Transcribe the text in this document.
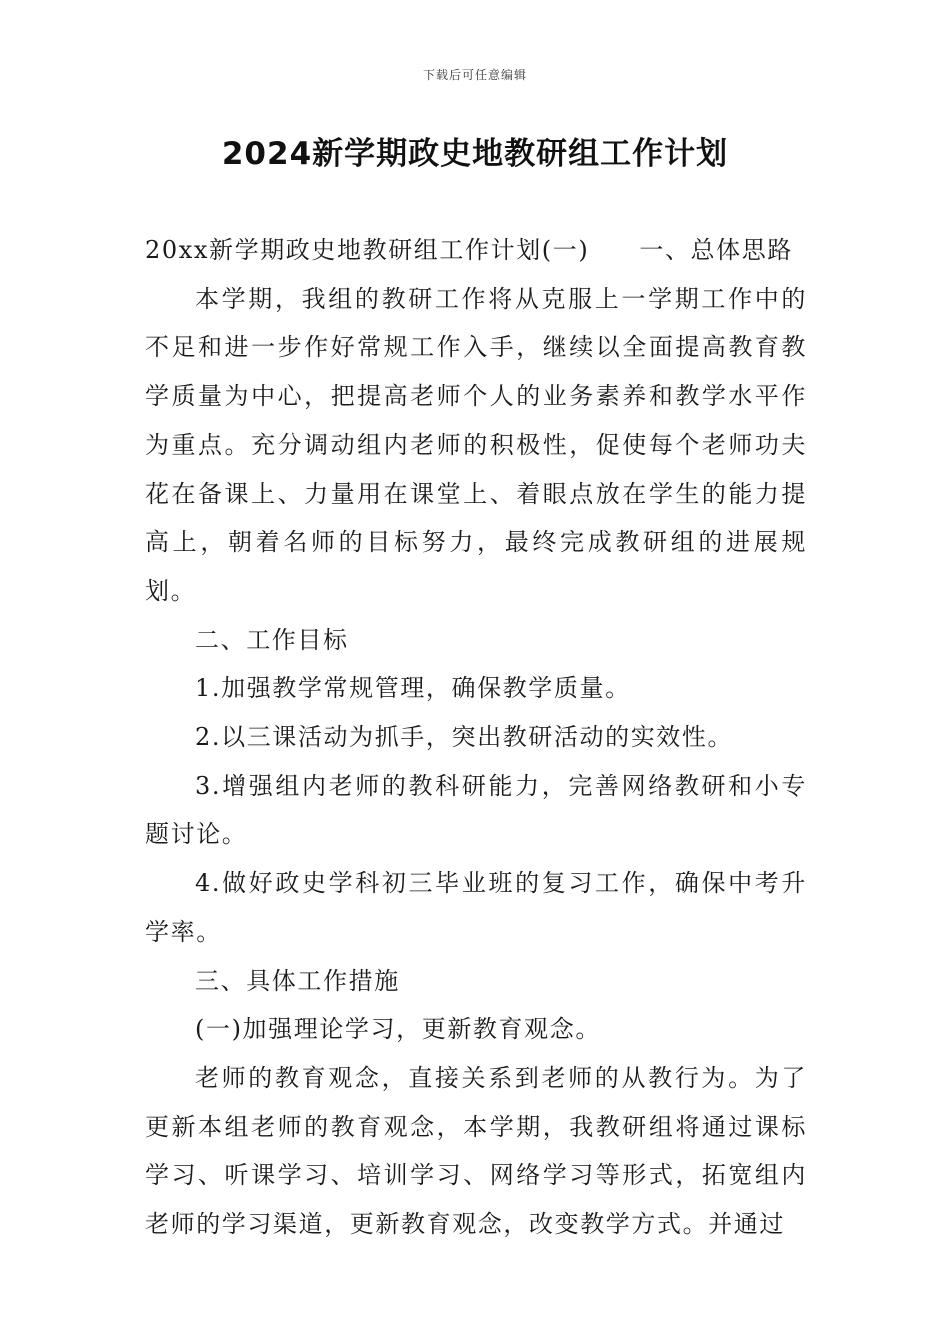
下载后可任意编辑
2024新学期政史地教研组工作计划

20xx新学期政史地教研组工作计划(一) 一、总体思路

本学期，我组的教研工作将从克服上一学期工作中的不足和进一步作好常规工作入手，继续以全面提高教育教学质量为中心，把提高老师个人的业务素养和教学水平作为重点。充分调动组内老师的积极性，促使每个老师功夫花在备课上、力量用在课堂上、着眼点放在学生的能力提高上，朝着名师的目标努力，最终完成教研组的进展规划。

二、工作目标

1.加强教学常规管理，确保教学质量。

2.以三课活动为抓手，突出教研活动的实效性。

3.增强组内老师的教科研能力，完善网络教研和小专题讨论。

4.做好政史学科初三毕业班的复习工作，确保中考升学率。

三、具体工作措施

(一)加强理论学习，更新教育观念。

老师的教育观念，直接关系到老师的从教行为。为了更新本组老师的教育观念，本学期，我教研组将通过课标学习、听课学习、培训学习、网络学习等形式，拓宽组内老师的学习渠道，更新教育观念，改变教学方式。并通过
